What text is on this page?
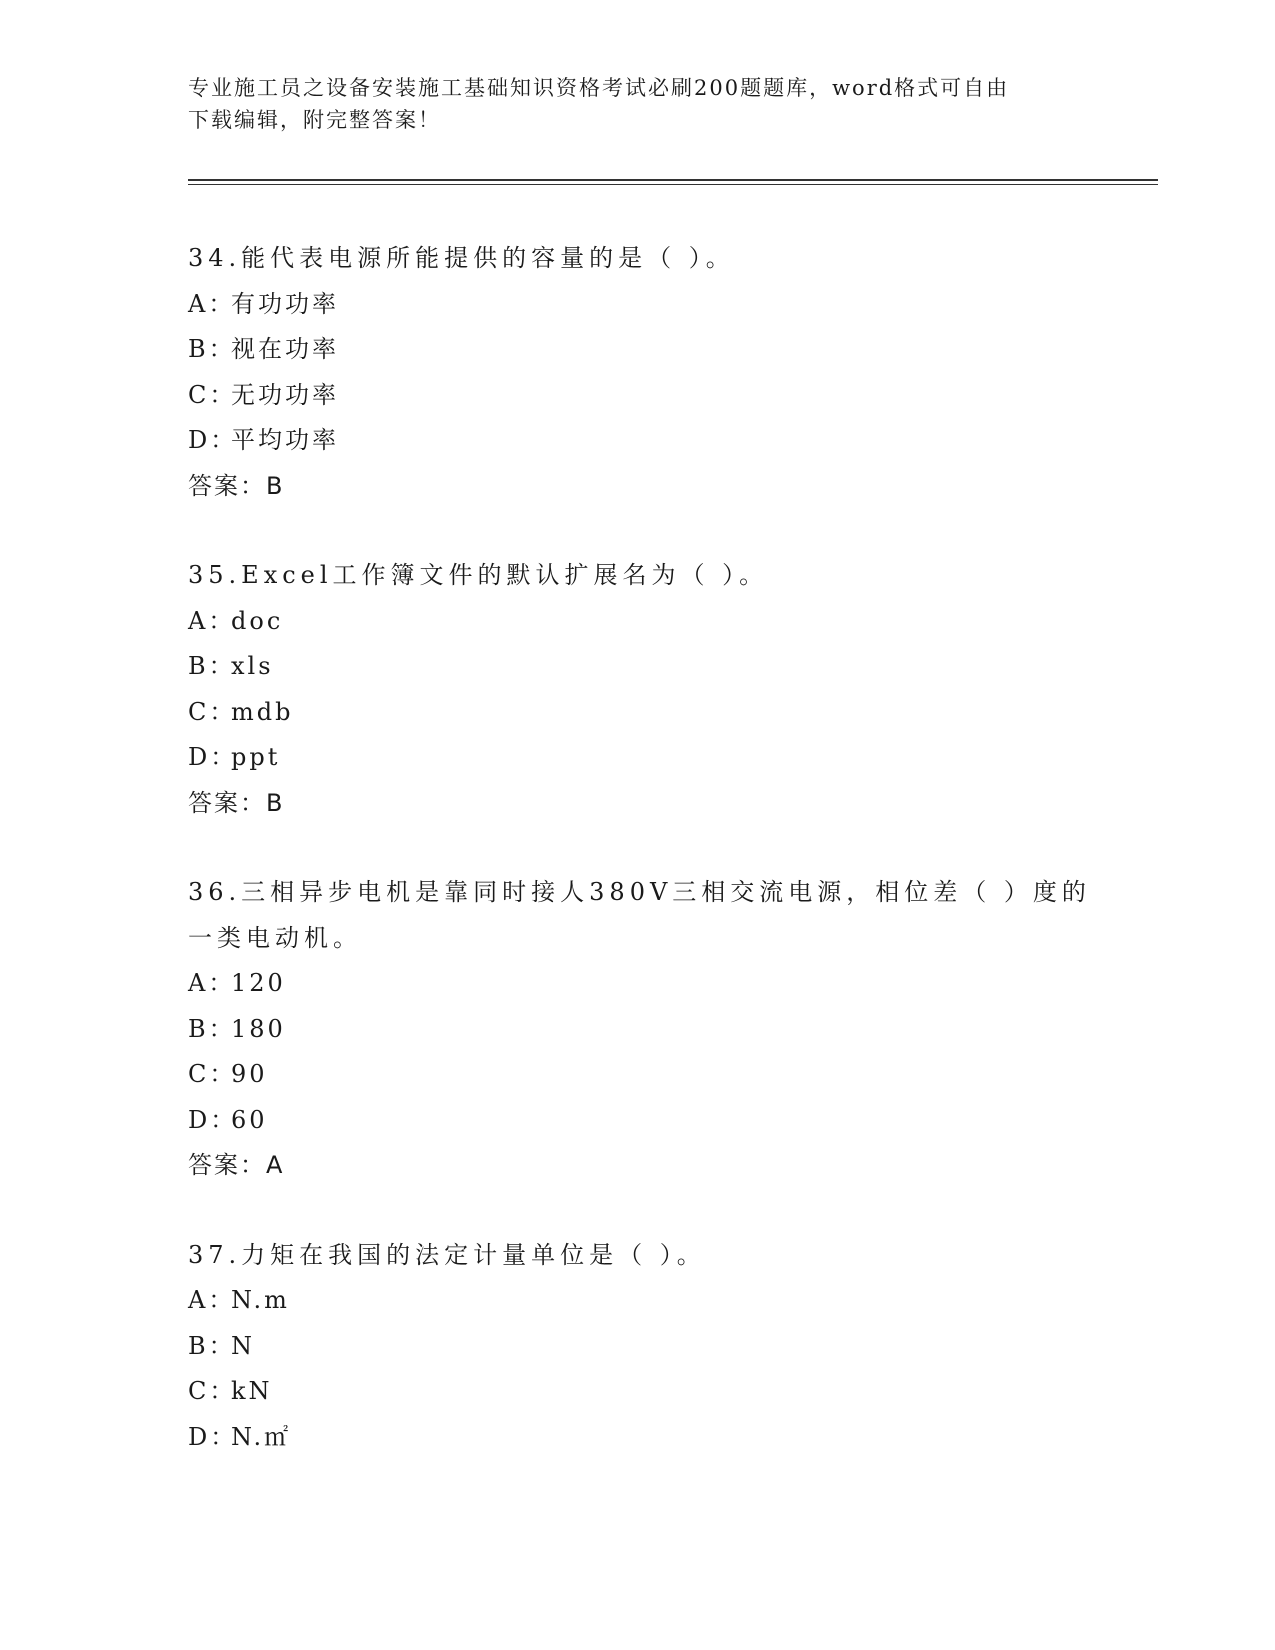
专业施工员之设备安装施工基础知识资格考试必刷200题题库，word格式可自由
下载编辑，附完整答案！

34.能代表电源所能提供的容量的是（ ）。

A：
有功功率
B：
视在功率
C：
无功功率
D：
平均功率

答案：B

35.Excel工作簿文件的默认扩展名为（ ）。

A：
doc
B：
xls
C：
mdb
D：
ppt

答案：B

36.三相异步电机是靠同时接人380V三相交流电源，相位差（ ）度的一类电动机。

A：
120
B：
180
C：
90
D：
60

答案：A

37.力矩在我国的法定计量单位是（ ）。

A：
N.m
B：
N
C：
kN
D：
N.㎡
